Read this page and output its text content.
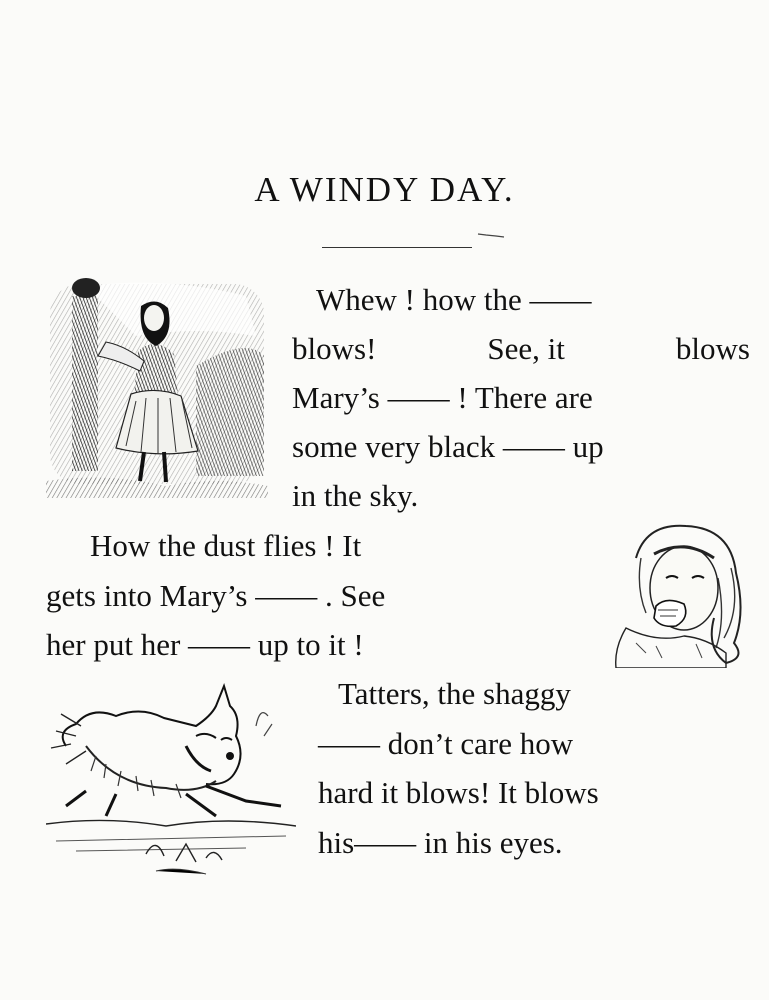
A WINDY DAY.
Whew ! how the ——
blows!	See, it	blows
Mary’s —— ! There are
some very black —— up
in the sky.
How the dust flies ! It
gets into Mary’s —— . See
her put her —— up to it !
Tatters, the shaggy
—— don’t care how
hard it blows! It blows
his—— in his eyes.
